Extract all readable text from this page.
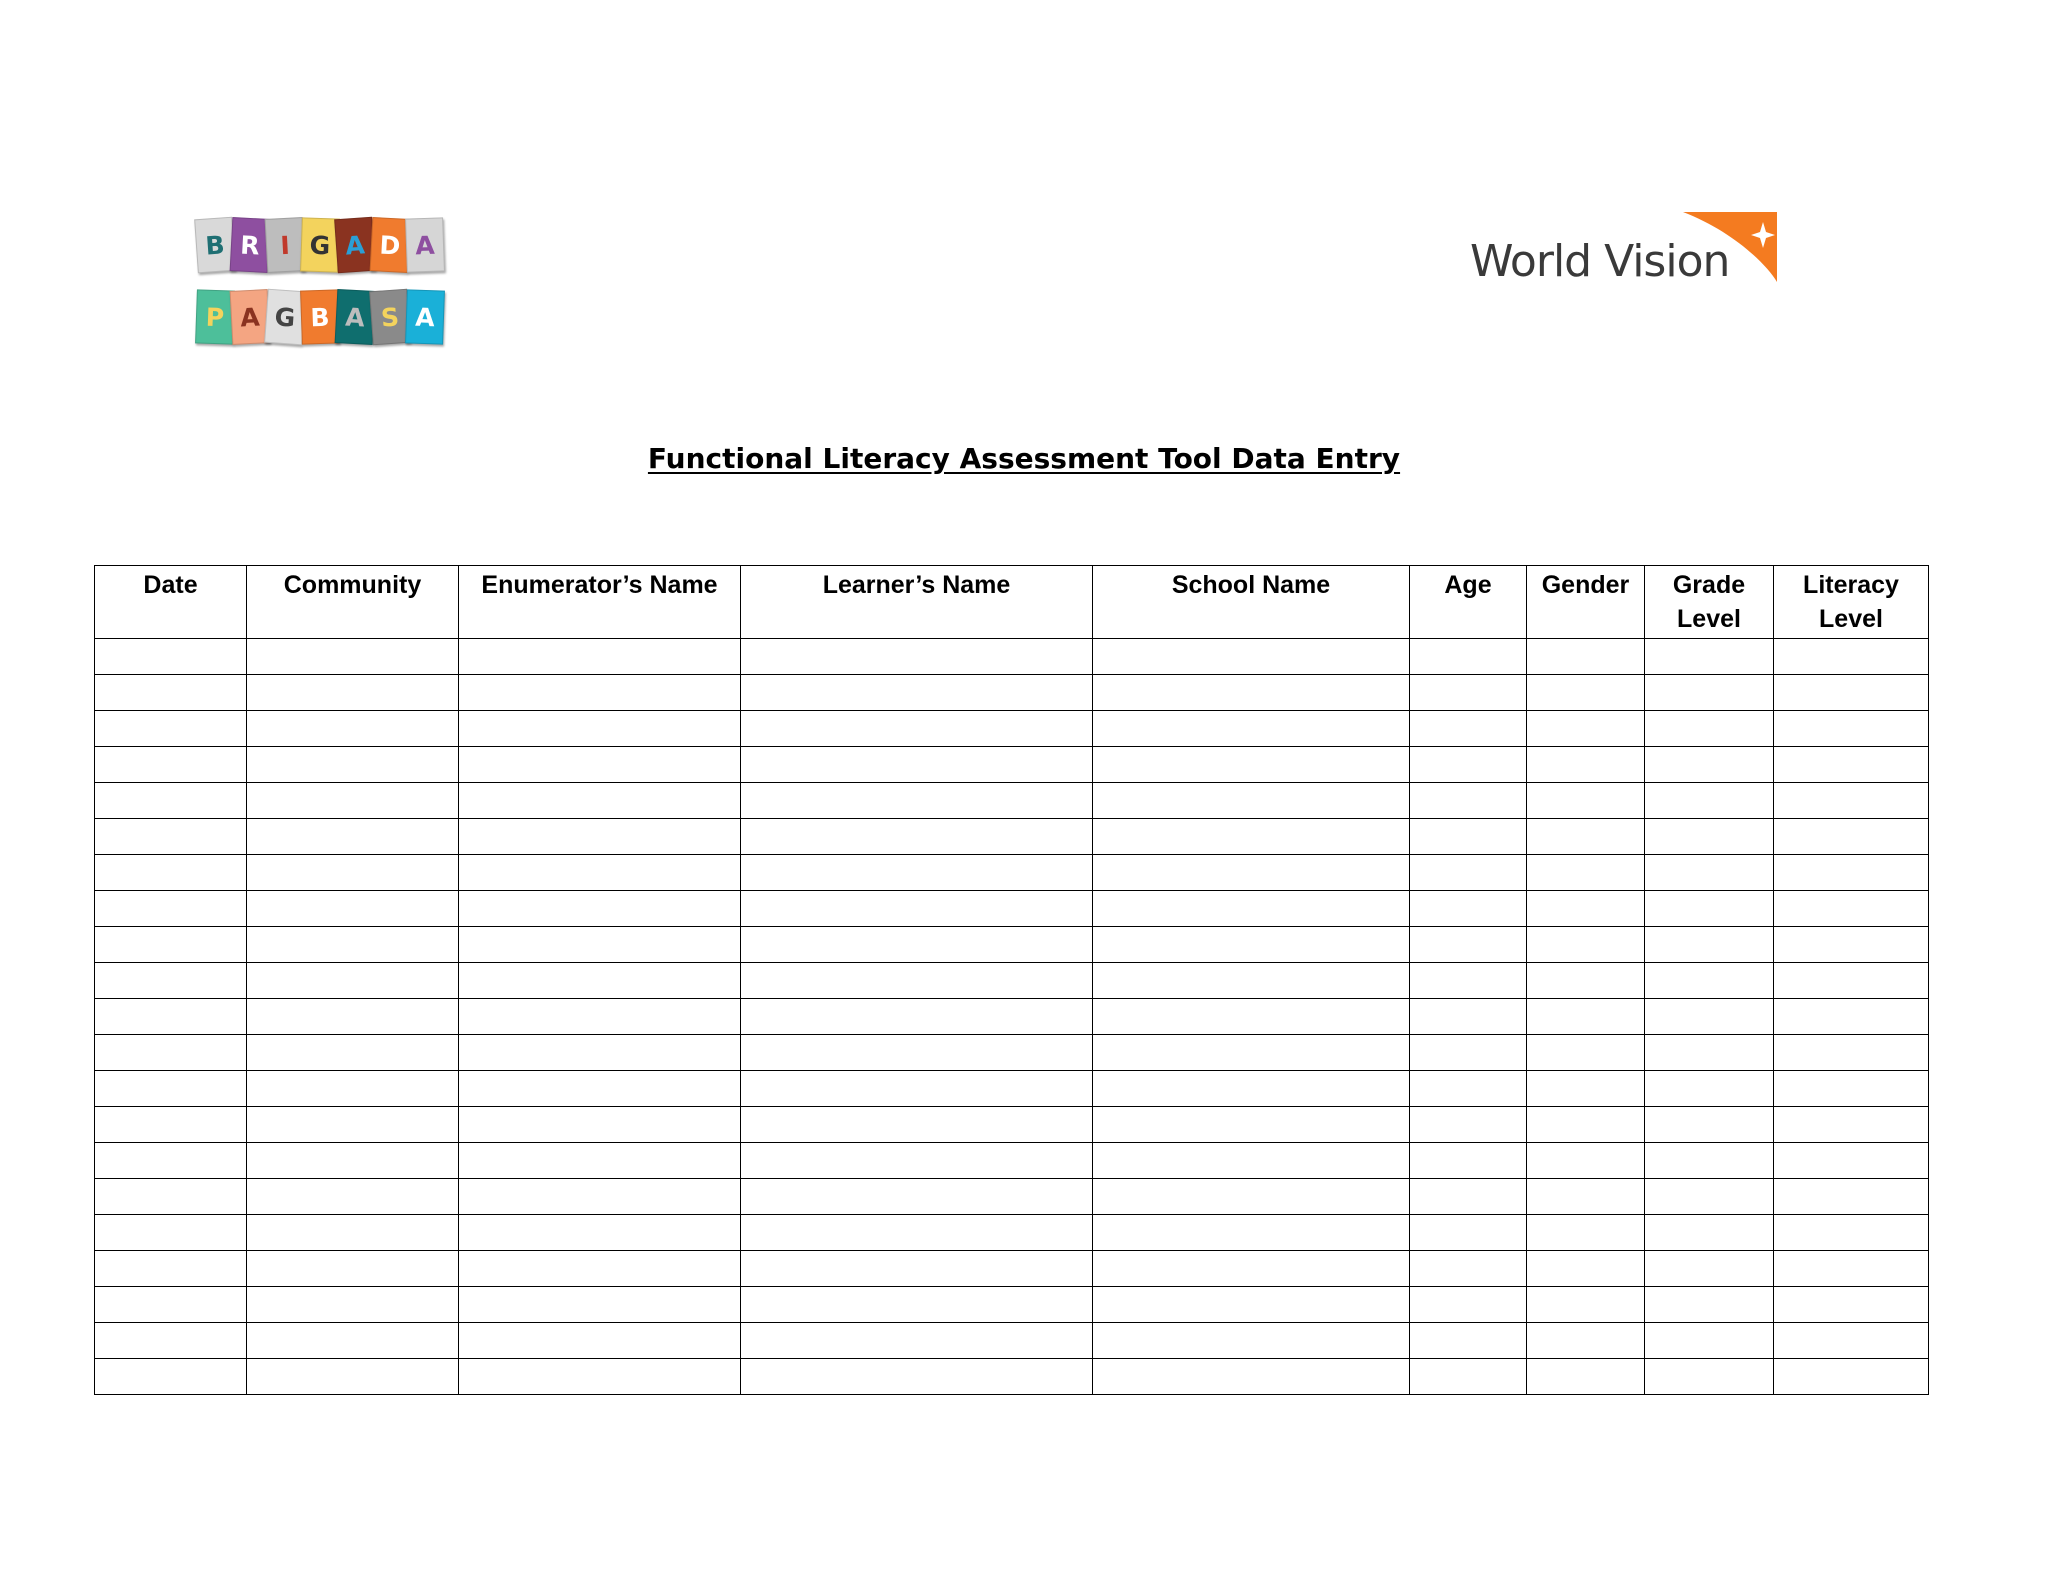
B R I G A D A
P A G B A S A
World Vision
Functional Literacy Assessment Tool Data Entry
Date	Community	Enumerator’s Name	Learner’s Name	School Name	Age	Gender	Grade Level	Literacy Level
